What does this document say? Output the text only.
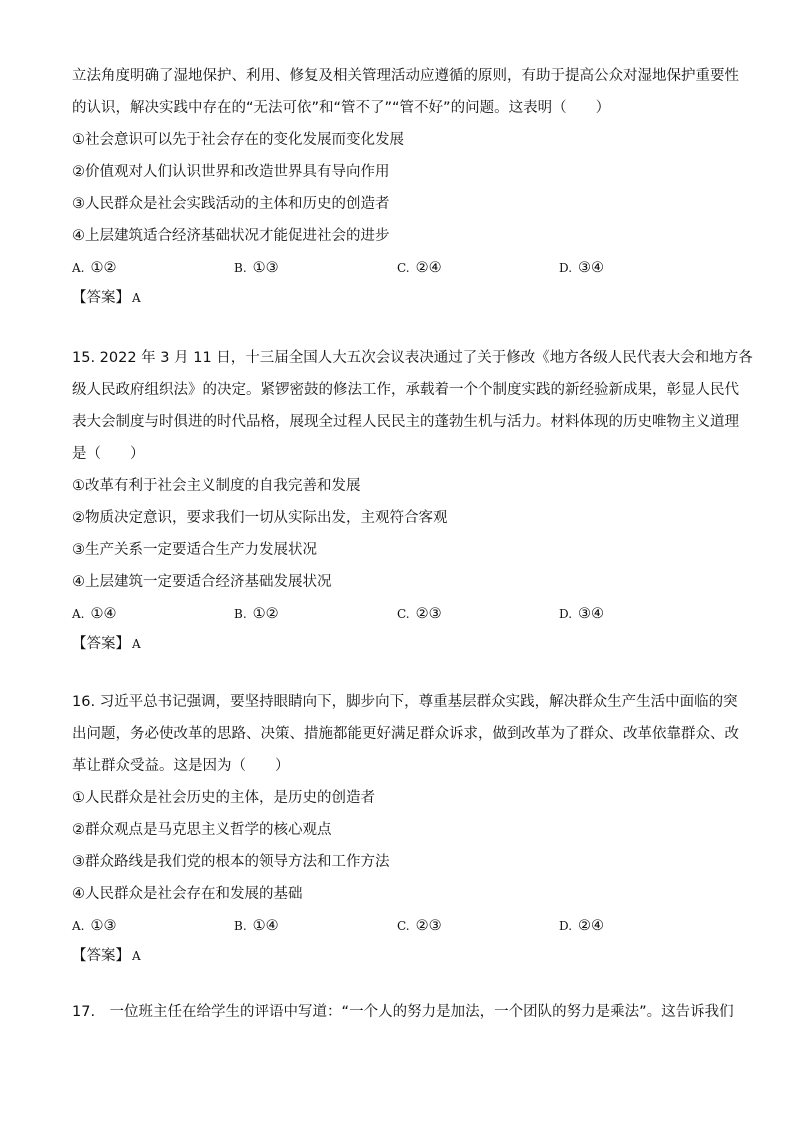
立法角度明确了湿地保护、利用、修复及相关管理活动应遵循的原则，有助于提高公众对湿地保护重要性
的认识，解决实践中存在的“无法可依”和“管不了”“管不好”的问题。这表明（　　）
①社会意识可以先于社会存在的变化发展而变化发展
②价值观对人们认识世界和改造世界具有导向作用
③人民群众是社会实践活动的主体和历史的创造者
④上层建筑适合经济基础状况才能促进社会的进步
A. ①②	B. ①③	C. ②④	D. ③④
【答案】 A
15. 2022 年 3 月 11 日，十三届全国人大五次会议表决通过了关于修改《地方各级人民代表大会和地方各
级人民政府组织法》的决定。紧锣密鼓的修法工作，承载着一个个制度实践的新经验新成果，彰显人民代
表大会制度与时俱进的时代品格，展现全过程人民民主的蓬勃生机与活力。材料体现的历史唯物主义道理
是（　　）
①改革有利于社会主义制度的自我完善和发展
②物质决定意识，要求我们一切从实际出发，主观符合客观
③生产关系一定要适合生产力发展状况
④上层建筑一定要适合经济基础发展状况
A. ①④	B. ①②	C. ②③	D. ③④
【答案】 A
16. 习近平总书记强调，要坚持眼睛向下，脚步向下，尊重基层群众实践，解决群众生产生活中面临的突
出问题，务必使改革的思路、决策、措施都能更好满足群众诉求，做到改革为了群众、改革依靠群众、改
革让群众受益。这是因为（　　）
①人民群众是社会历史的主体，是历史的创造者
②群众观点是马克思主义哲学的核心观点
③群众路线是我们党的根本的领导方法和工作方法
④人民群众是社会存在和发展的基础
A. ①③	B. ①④	C. ②③	D. ②④
【答案】 A
17.　一位班主任在给学生的评语中写道：“一个人的努力是加法，一个团队的努力是乘法”。这告诉我们
